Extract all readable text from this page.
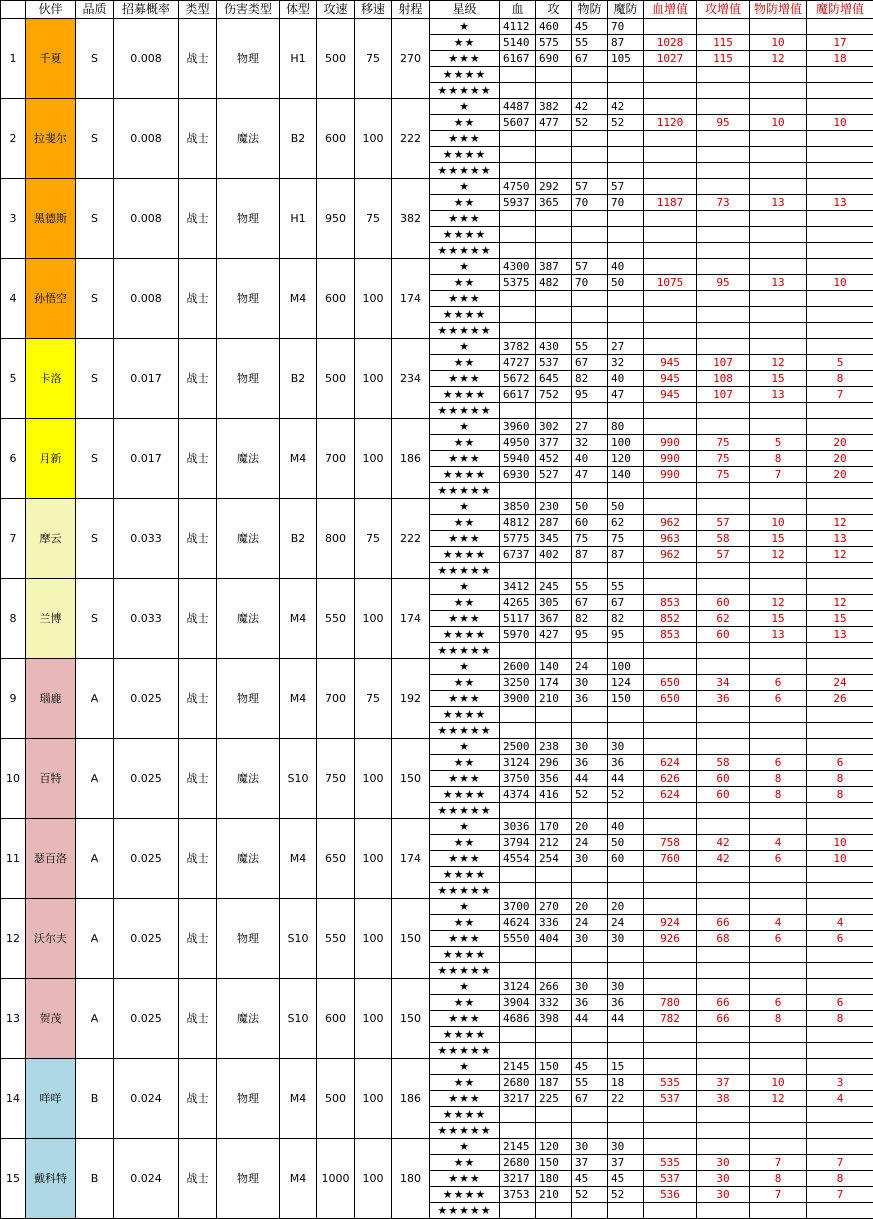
	伙伴	品质	招募概率	类型	伤害类型	体型	攻速	移速	射程	星级	血	攻	物防	魔防	血增值	攻增值	物防增值	魔防增值
1	千夏	S	0.008	战士	物理	H1	500	75	270	★	4112	460	45	70				
										★★	5140	575	55	87	1028	115	10	17
										★★★	6167	690	67	105	1027	115	12	18
										★★★★								
										★★★★★								
2	拉斐尔	S	0.008	战士	魔法	B2	600	100	222	★	4487	382	42	42				
										★★	5607	477	52	52	1120	95	10	10
										★★★								
										★★★★								
										★★★★★								
3	黑德斯	S	0.008	战士	物理	H1	950	75	382	★	4750	292	57	57				
										★★	5937	365	70	70	1187	73	13	13
										★★★								
										★★★★								
										★★★★★								
4	孙悟空	S	0.008	战士	物理	M4	600	100	174	★	4300	387	57	40				
										★★	5375	482	70	50	1075	95	13	10
										★★★								
										★★★★								
										★★★★★								
5	卡洛	S	0.017	战士	物理	B2	500	100	234	★	3782	430	55	27				
										★★	4727	537	67	32	945	107	12	5
										★★★	5672	645	82	40	945	108	15	8
										★★★★	6617	752	95	47	945	107	13	7
										★★★★★								
6	月新	S	0.017	战士	魔法	M4	700	100	186	★	3960	302	27	80				
										★★	4950	377	32	100	990	75	5	20
										★★★	5940	452	40	120	990	75	8	20
										★★★★	6930	527	47	140	990	75	7	20
										★★★★★								
7	摩云	S	0.033	战士	魔法	B2	800	75	222	★	3850	230	50	50				
										★★	4812	287	60	62	962	57	10	12
										★★★	5775	345	75	75	963	58	15	13
										★★★★	6737	402	87	87	962	57	12	12
										★★★★★								
8	兰博	S	0.033	战士	魔法	M4	550	100	174	★	3412	245	55	55				
										★★	4265	305	67	67	853	60	12	12
										★★★	5117	367	82	82	852	62	15	15
										★★★★	5970	427	95	95	853	60	13	13
										★★★★★								
9	瑙鹿	A	0.025	战士	物理	M4	700	75	192	★	2600	140	24	100				
										★★	3250	174	30	124	650	34	6	24
										★★★	3900	210	36	150	650	36	6	26
										★★★★								
										★★★★★								
10	百特	A	0.025	战士	魔法	S10	750	100	150	★	2500	238	30	30				
										★★	3124	296	36	36	624	58	6	6
										★★★	3750	356	44	44	626	60	8	8
										★★★★	4374	416	52	52	624	60	8	8
										★★★★★								
11	瑟百洛	A	0.025	战士	魔法	M4	650	100	174	★	3036	170	20	40				
										★★	3794	212	24	50	758	42	4	10
										★★★	4554	254	30	60	760	42	6	10
										★★★★								
										★★★★★								
12	沃尔夫	A	0.025	战士	物理	S10	550	100	150	★	3700	270	20	20				
										★★	4624	336	24	24	924	66	4	4
										★★★	5550	404	30	30	926	68	6	6
										★★★★								
										★★★★★								
13	贺茂	A	0.025	战士	魔法	S10	600	100	150	★	3124	266	30	30				
										★★	3904	332	36	36	780	66	6	6
										★★★	4686	398	44	44	782	66	8	8
										★★★★								
										★★★★★								
14	咩咩	B	0.024	战士	物理	M4	500	100	186	★	2145	150	45	15				
										★★	2680	187	55	18	535	37	10	3
										★★★	3217	225	67	22	537	38	12	4
										★★★★								
										★★★★★								
15	戴科特	B	0.024	战士	物理	M4	1000	100	180	★	2145	120	30	30				
										★★	2680	150	37	37	535	30	7	7
										★★★	3217	180	45	45	537	30	8	8
										★★★★	3753	210	52	52	536	30	7	7
										★★★★★								
